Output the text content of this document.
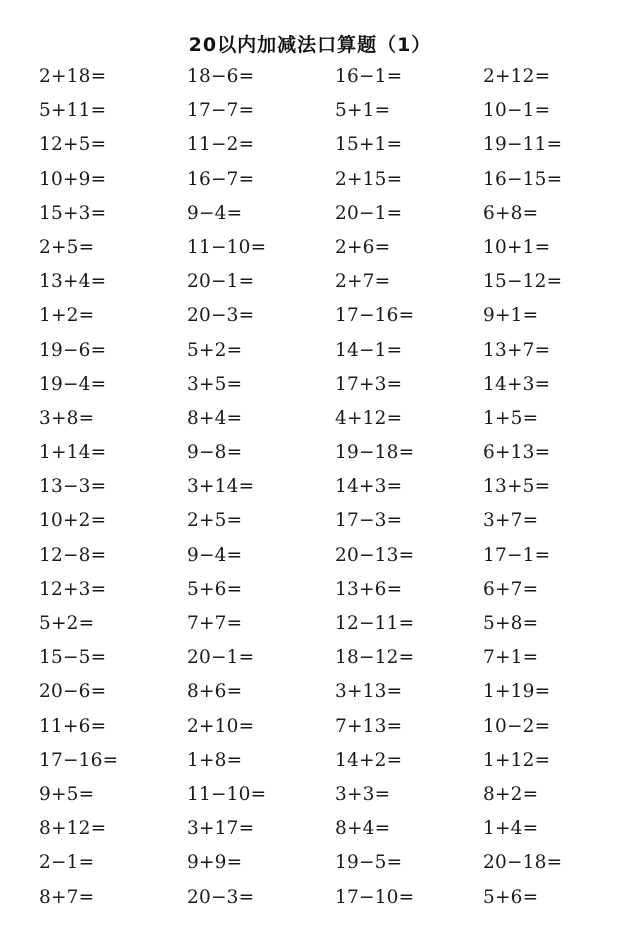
20以内加减法口算题（1）
2+18=	18−6=	16−1=	2+12=
5+11=	17−7=	5+1=	10−1=
12+5=	11−2=	15+1=	19−11=
10+9=	16−7=	2+15=	16−15=
15+3=	9−4=	20−1=	6+8=
2+5=	11−10=	2+6=	10+1=
13+4=	20−1=	2+7=	15−12=
1+2=	20−3=	17−16=	9+1=
19−6=	5+2=	14−1=	13+7=
19−4=	3+5=	17+3=	14+3=
3+8=	8+4=	4+12=	1+5=
1+14=	9−8=	19−18=	6+13=
13−3=	3+14=	14+3=	13+5=
10+2=	2+5=	17−3=	3+7=
12−8=	9−4=	20−13=	17−1=
12+3=	5+6=	13+6=	6+7=
5+2=	7+7=	12−11=	5+8=
15−5=	20−1=	18−12=	7+1=
20−6=	8+6=	3+13=	1+19=
11+6=	2+10=	7+13=	10−2=
17−16=	1+8=	14+2=	1+12=
9+5=	11−10=	3+3=	8+2=
8+12=	3+17=	8+4=	1+4=
2−1=	9+9=	19−5=	20−18=
8+7=	20−3=	17−10=	5+6=
